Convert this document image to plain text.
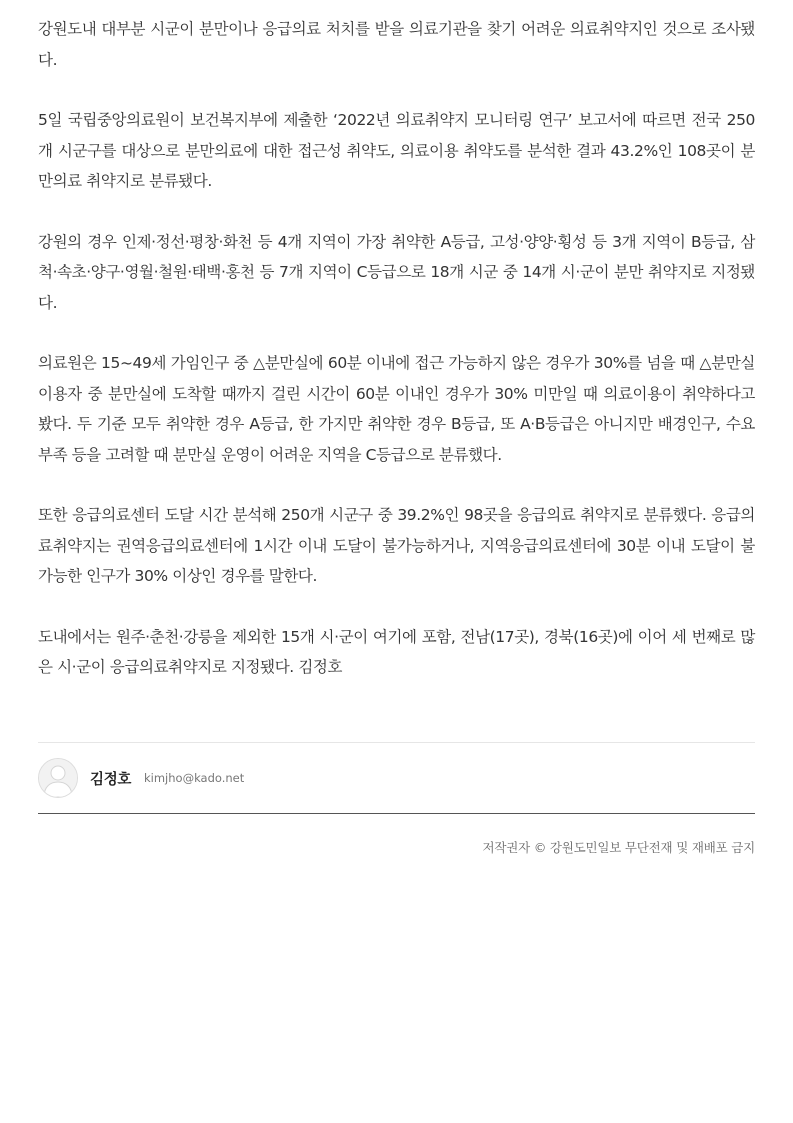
강원도내 대부분 시군이 분만이나 응급의료 처치를 받을 의료기관을 찾기 어려운 의료취약지인 것으로 조사됐다.

5일 국립중앙의료원이 보건복지부에 제출한 ‘2022년 의료취약지 모니터링 연구’ 보고서에 따르면 전국 250개 시군구를 대상으로 분만의료에 대한 접근성 취약도, 의료이용 취약도를 분석한 결과 43.2%인 108곳이 분만의료 취약지로 분류됐다.

강원의 경우 인제·정선·평창·화천 등 4개 지역이 가장 취약한 A등급, 고성·양양·횡성 등 3개 지역이 B등급, 삼척·속초·양구·영월·철원·태백·홍천 등 7개 지역이 C등급으로 18개 시군 중 14개 시·군이 분만 취약지로 지정됐다.

의료원은 15~49세 가임인구 중 △분만실에 60분 이내에 접근 가능하지 않은 경우가 30%를 넘을 때 △분만실 이용자 중 분만실에 도착할 때까지 걸린 시간이 60분 이내인 경우가 30% 미만일 때 의료이용이 취약하다고 봤다. 두 기준 모두 취약한 경우 A등급, 한 가지만 취약한 경우 B등급, 또 A·B등급은 아니지만 배경인구, 수요 부족 등을 고려할 때 분만실 운영이 어려운 지역을 C등급으로 분류했다.

또한 응급의료센터 도달 시간 분석해 250개 시군구 중 39.2%인 98곳을 응급의료 취약지로 분류했다. 응급의료취약지는 권역응급의료센터에 1시간 이내 도달이 불가능하거나, 지역응급의료센터에 30분 이내 도달이 불가능한 인구가 30% 이상인 경우를 말한다.

도내에서는 원주·춘천·강릉을 제외한 15개 시·군이 여기에 포함, 전남(17곳), 경북(16곳)에 이어 세 번째로 많은 시·군이 응급의료취약지로 지정됐다. 김정호

김정호 kimjho@kado.net
저작권자 © 강원도민일보 무단전재 및 재배포 금지
